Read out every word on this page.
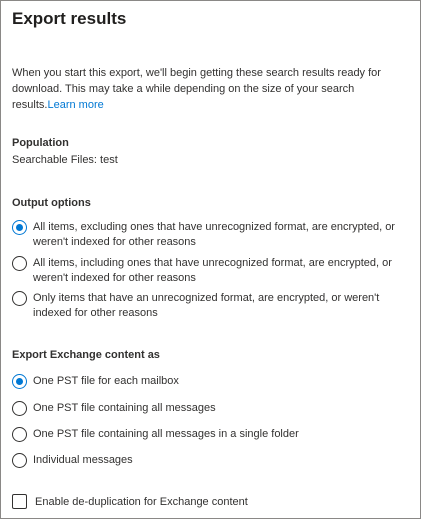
Export results
When you start this export, we'll begin getting these search results ready for download. This may take a while depending on the size of your search results.Learn more
Population
Searchable Files: test
Output options
All items, excluding ones that have unrecognized format, are encrypted, or weren't indexed for other reasons
All items, including ones that have unrecognized format, are encrypted, or weren't indexed for other reasons
Only items that have an unrecognized format, are encrypted, or weren't indexed for other reasons
Export Exchange content as
One PST file for each mailbox
One PST file containing all messages
One PST file containing all messages in a single folder
Individual messages
Enable de-duplication for Exchange content
